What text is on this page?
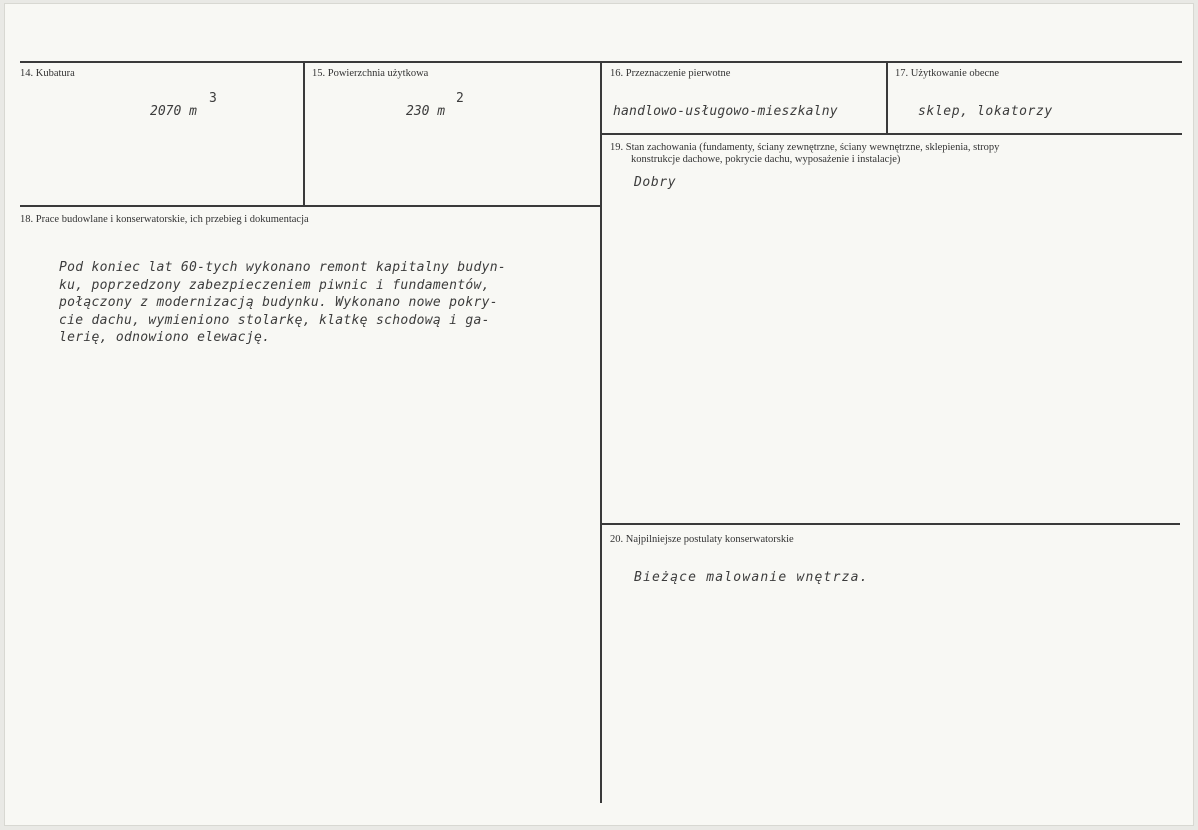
14. Kubatura
2070 m
3
15. Powierzchnia użytkowa
230 m
2
16. Przeznaczenie pierwotne
handlowo-usługowo-mieszkalny
17. Użytkowanie obecne
sklep, lokatorzy
18. Prace budowlane i konserwatorskie, ich przebieg i dokumentacja
Pod koniec lat 60-tych wykonano remont kapitalny budyn-
ku, poprzedzony zabezpieczeniem piwnic i fundamentów,
połączony z modernizacją budynku. Wykonano nowe pokry-
cie dachu, wymieniono stolarkę, klatkę schodową i ga-
lerię, odnowiono elewację.
19. Stan zachowania (fundamenty, ściany zewnętrzne, ściany wewnętrzne, sklepienia, stropy
konstrukcje dachowe, pokrycie dachu, wyposażenie i instalacje)
Dobry
20. Najpilniejsze postulaty konserwatorskie
Bieżące malowanie wnętrza.
